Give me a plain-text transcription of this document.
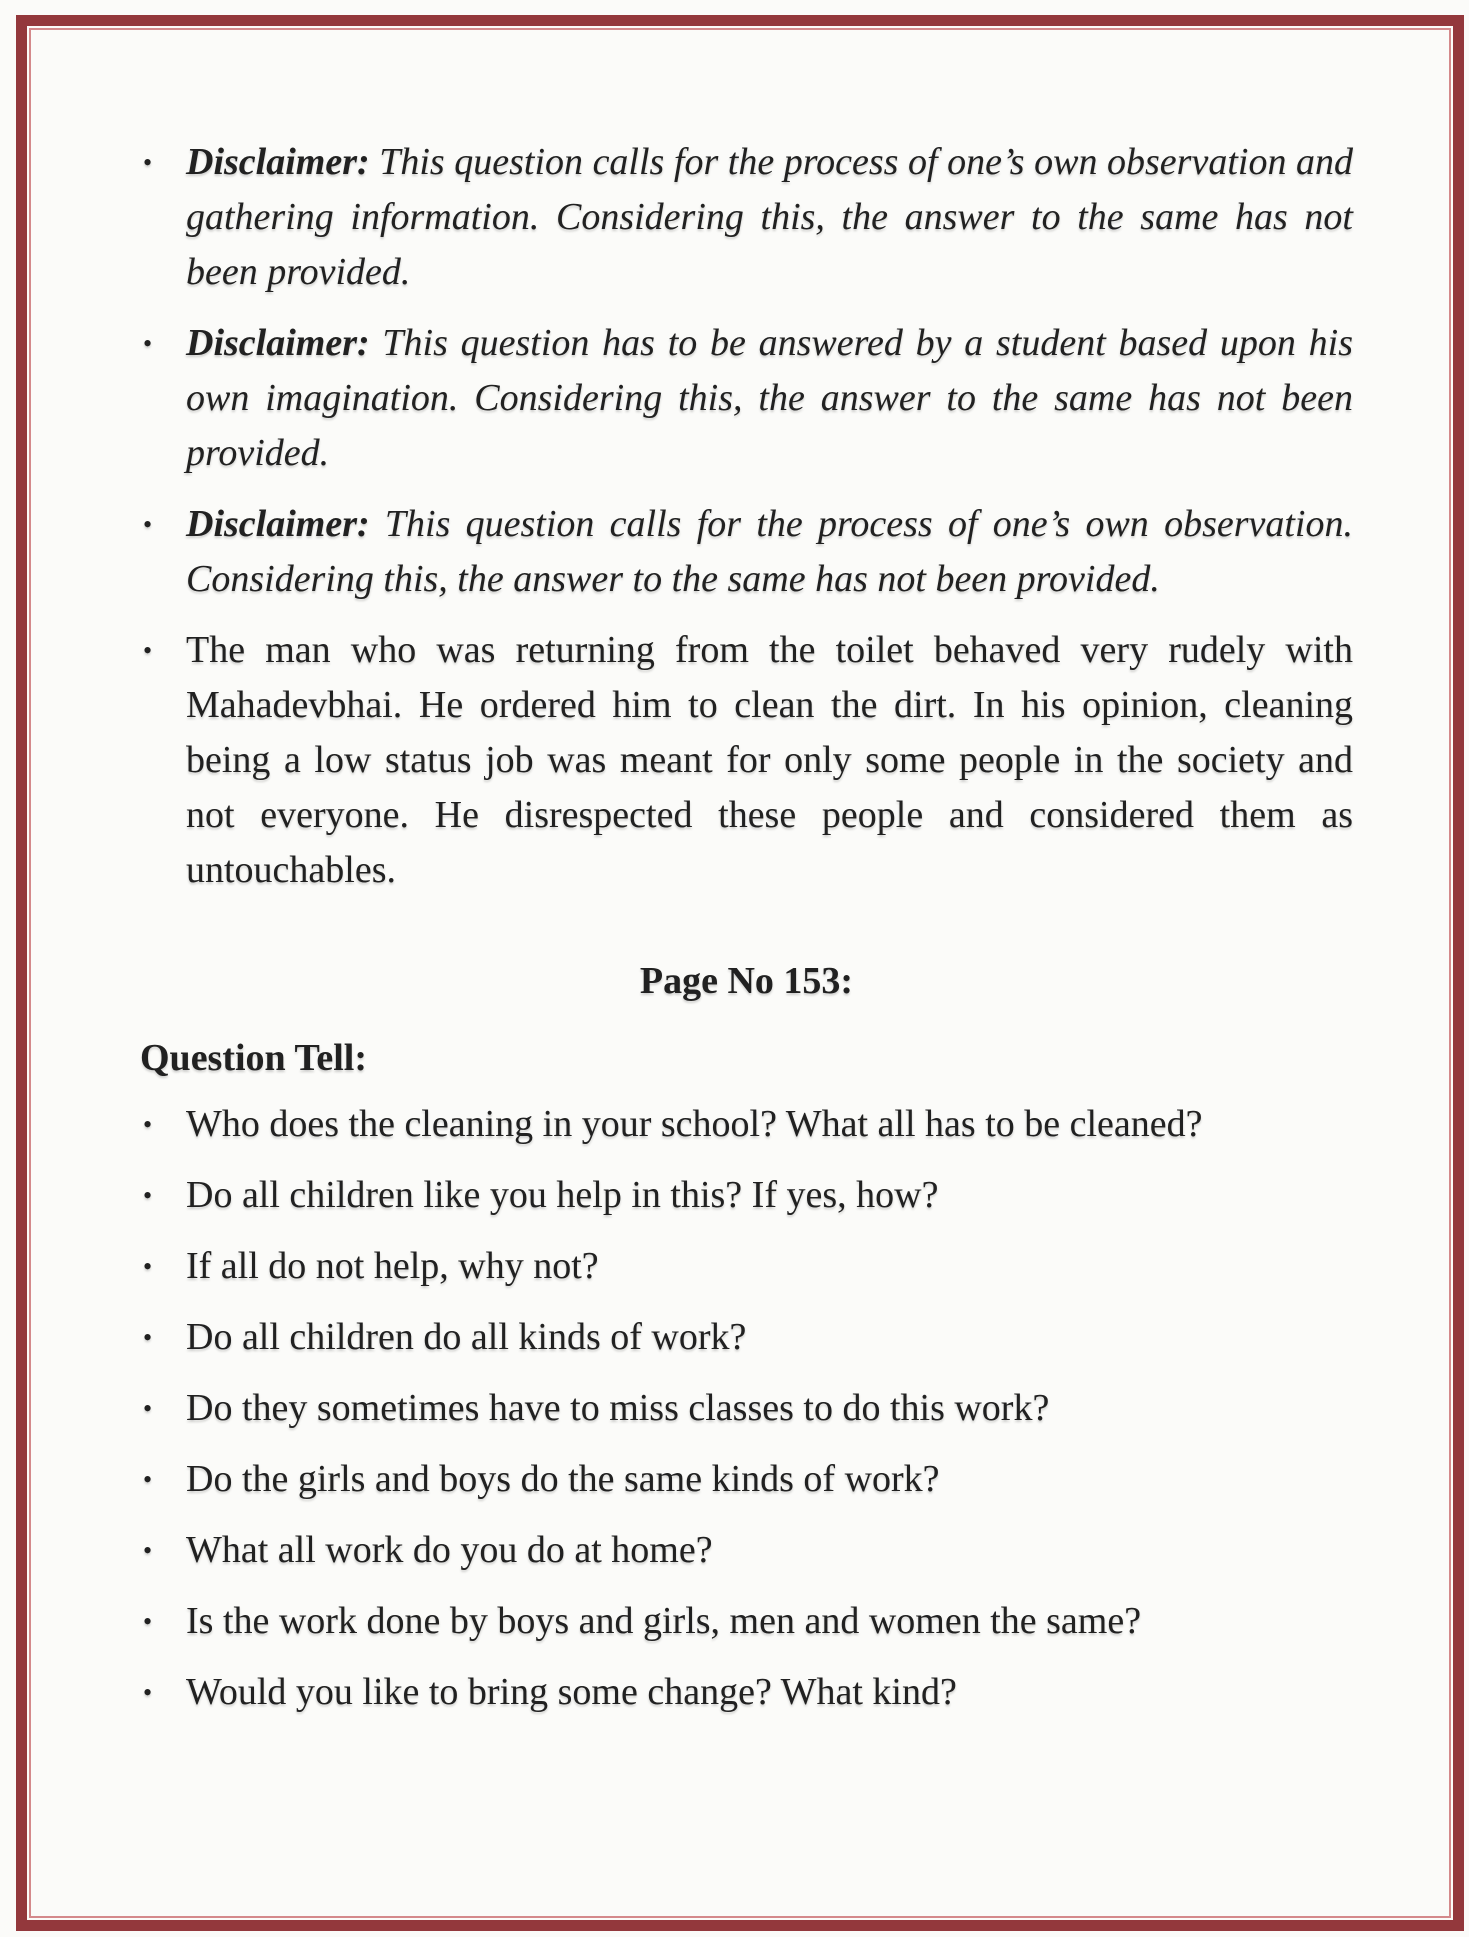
• Disclaimer: This question calls for the process of one’s own observation and gathering information. Considering this, the answer to the same has not been provided.

• Disclaimer: This question has to be answered by a student based upon his own imagination. Considering this, the answer to the same has not been provided.

• Disclaimer: This question calls for the process of one’s own observation. Considering this, the answer to the same has not been provided.

• The man who was returning from the toilet behaved very rudely with Mahadevbhai. He ordered him to clean the dirt. In his opinion, cleaning being a low status job was meant for only some people in the society and not everyone. He disrespected these people and considered them as untouchables.

Page No 153:
Question Tell:
• Who does the cleaning in your school? What all has to be cleaned?

• Do all children like you help in this? If yes, how?

• If all do not help, why not?

• Do all children do all kinds of work?

• Do they sometimes have to miss classes to do this work?

• Do the girls and boys do the same kinds of work?

• What all work do you do at home?

• Is the work done by boys and girls, men and women the same?

• Would you like to bring some change? What kind?
